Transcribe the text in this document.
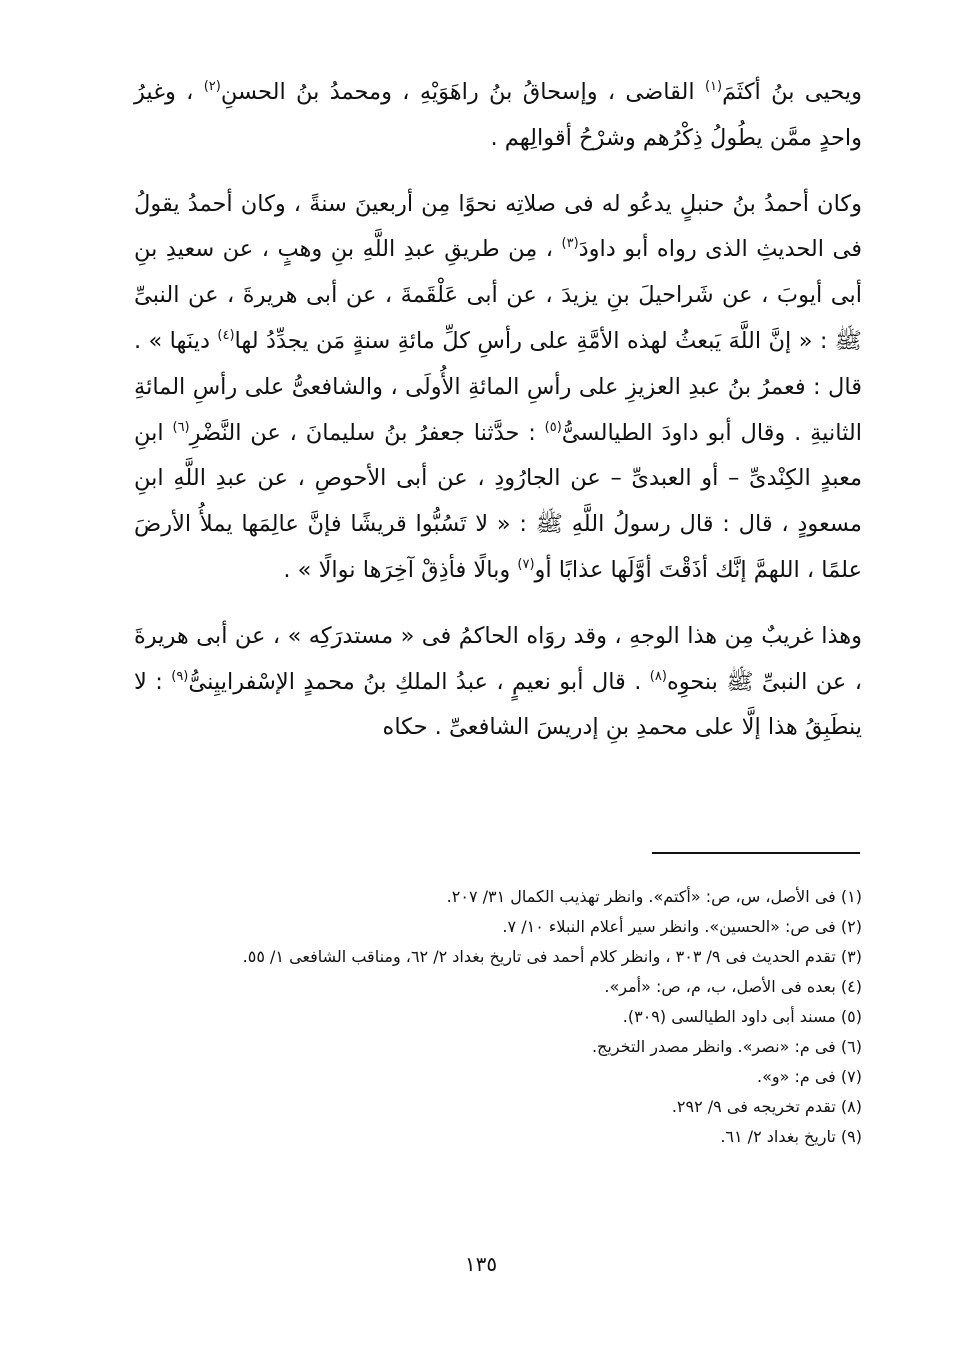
ويحيى بنُ أكثَمَ$^{(١)}$ القاضى ، وإسحاقُ بنُ راهَوَيْهِ ، ومحمدُ بنُ الحسنِ$^{(٢)}$ ، وغيرُ واحدٍ ممَّن يطُولُ ذِكْرُهم وشرْحُ أقوالِهم .

وكان أحمدُ بنُ حنبلٍ يدعُو له فى صلاتِه نحوًا مِن أربعينَ سنةً ، وكان أحمدُ يقولُ فى الحديثِ الذى رواه أبو داودَ$^{(٣)}$ ، مِن طريقِ عبدِ اللَّهِ بنِ وهبٍ ، عن سعيدِ بنِ أبى أيوبَ ، عن شَراحيلَ بنِ يزيدَ ، عن أبى عَلْقَمةَ ، عن أبى هريرةَ ، عن النبىِّ ﷺ : « إنَّ اللَّهَ يَبعثُ لهذه الأمَّةِ على رأسِ كلِّ مائةِ سنةٍ مَن يجدِّدُ لها$^{(٤)}$ دينَها » . قال : فعمرُ بنُ عبدِ العزيزِ على رأسِ المائةِ الأُولَى ، والشافعىُّ على رأسِ المائةِ الثانيةِ . وقال أبو داودَ الطيالسىُّ$^{(٥)}$ : حدَّثنا جعفرُ بنُ سليمانَ ، عن النَّضْرِ$^{(٦)}$ ابنِ معبدٍ الكِنْدىِّ – أو العبدىِّ – عن الجارُودِ ، عن أبى الأحوصِ ، عن عبدِ اللَّهِ ابنِ مسعودٍ ، قال : قال رسولُ اللَّهِ ﷺ : « لا تَسُبُّوا قريشًا فإنَّ عالِمَها يملأُ الأرضَ علمًا ، اللهمَّ إنَّك أذَقْتَ أوَّلَها عذابًا أو$^{(٧)}$ وبالًا فأذِقْ آخِرَها نوالًا » .

وهذا غريبٌ مِن هذا الوجهِ ، وقد روَاه الحاكمُ فى « مستدرَكِه » ، عن أبى هريرةَ ، عن النبىِّ ﷺ بنحوِه$^{(٨)}$ . قال أبو نعيمٍ ، عبدُ الملكِ بنُ محمدٍ الإسْفراييِنىُّ$^{(٩)}$ : لا ينطَبِقُ هذا إلَّا على محمدِ بنِ إدريسَ الشافعىِّ . حكاه

(١) فى الأصل، س، ص: «أكتم». وانظر تهذيب الكمال ٣١/ ٢٠٧.
(٢) فى ص: «الحسين». وانظر سير أعلام النبلاء ١٠/ ٧.
(٣) تقدم الحديث فى ٩/ ٣٠٣ ، وانظر كلام أحمد فى تاريخ بغداد ٢/ ٦٢، ومناقب الشافعى ١/ ٥٥.
(٤) بعده فى الأصل، ب، م، ص: «أمر».
(٥) مسند أبى داود الطيالسى (٣٠٩).
(٦) فى م: «نصر». وانظر مصدر التخريج.
(٧) فى م: «و».
(٨) تقدم تخريجه فى ٩/ ٢٩٢.
(٩) تاريخ بغداد ٢/ ٦١.
١٣٥
